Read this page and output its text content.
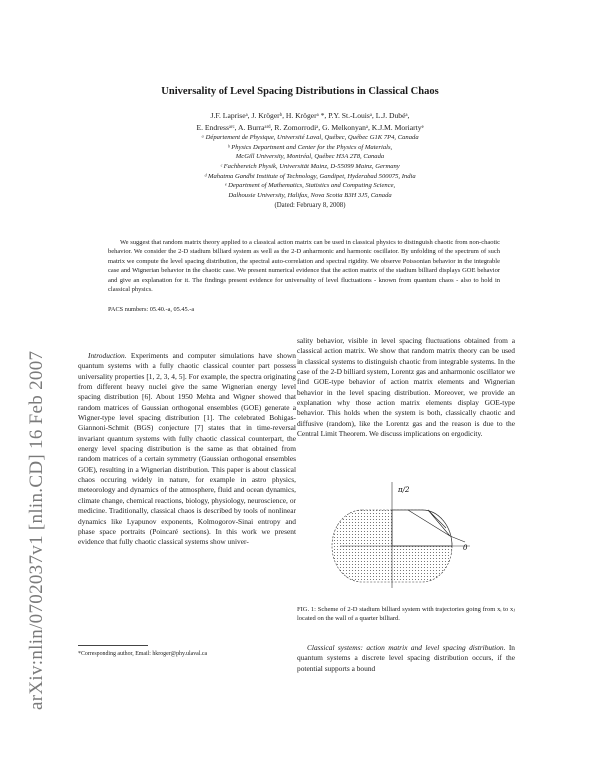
arXiv:nlin/0702037v1 [nlin.CD] 16 Feb 2007
Universality of Level Spacing Distributions in Classical Chaos
J.F. Lapriseᵃ, J. Krögerᵇ, H. Krögerᵃ *, P.Y. St.-Louisᵃ, L.J. Dubéᵃ,
E. Endressᵃʳᶜ, A. Burraᵃʳᵈ, R. Zomorrodiᵃ, G. Melkonyanᵃ, K.J.M. Moriartyᵉ
ᵃ Département de Physique, Université Laval, Québec, Québec G1K 7P4, Canada
ᵇ Physics Department and Center for the Physics of Materials,
McGill University, Montréal, Québec H3A 2T8, Canada
ᶜ Fachbereich Physik, Universität Mainz, D-55099 Mainz, Germany
ᵈ Mahatma Gandhi Institute of Technology, Gandipet, Hyderabad 500075, India
ᵉ Department of Mathematics, Statistics and Computing Science,
Dalhousie University, Halifax, Nova Scotia B3H 3J5, Canada
(Dated: February 8, 2008)
We suggest that random matrix theory applied to a classical action matrix can be used in classical physics to distinguish chaotic from non-chaotic behavior. We consider the 2-D stadium billiard system as well as the 2-D anharmonic and harmonic oscillator. By unfolding of the spectrum of such matrix we compute the level spacing distribution, the spectral auto-correlation and spectral rigidity. We observe Poissonian behavior in the integrable case and Wignerian behavior in the chaotic case. We present numerical evidence that the action matrix of the stadium billiard displays GOE behavior and give an explanation for it. The findings present evidence for universality of level fluctuations - known from quantum chaos - also to hold in classical physics.
PACS numbers: 05.40.-a, 05.45.-a

Introduction. Experiments and computer simulations have shown quantum systems with a fully chaotic classical counter part possess universality properties [1, 2, 3, 4, 5]. For example, the spectra originating from different heavy nuclei give the same Wignerian energy level spacing distribution [6]. About 1950 Mehta and Wigner showed that random matrices of Gaussian orthogonal ensembles (GOE) generate a Wigner-type level spacing distribution [1]. The celebrated Bohigas-Giannoni-Schmit (BGS) conjecture [7] states that in time-reversal invariant quantum systems with fully chaotic classical counterpart, the energy level spacing distribution is the same as that obtained from random matrices of a certain symmetry (Gaussian orthogonal ensembles GOE), resulting in a Wignerian distribution. This paper is about classical chaos occuring widely in nature, for example in astro physics, meteorology and dynamics of the atmosphere, fluid and ocean dynamics, climate change, chemical reactions, biology, physiology, neuroscience, or medicine. Traditionally, classical chaos is described by tools of nonlinear dynamics like Lyapunov exponents, Kolmogorov-Sinai entropy and phase space portraits (Poincaré sections). In this work we present evidence that fully chaotic classical systems show univer-

*Corresponding author, Email: hkroger@phy.ulaval.ca

sality behavior, visible in level spacing fluctuations obtained from a classical action matrix. We show that random matrix theory can be used in classical systems to distinguish chaotic from integrable systems. In the case of the 2-D billiard system, Lorentz gas and anharmonic oscillator we find GOE-type behavior of action matrix elements and Wignerian behavior in the level spacing distribution. Moreover, we provide an explanation why those action matrix elements display GOE-type behavior. This holds when the system is both, classically chaotic and diffusive (random), like the Lorentz gas and the reason is due to the Central Limit Theorem. We discuss implications on ergodicity.

π/2
0
FIG. 1: Scheme of 2-D stadium billiard system with trajectories going from xᵢ to xⱼ located on the wall of a quarter billiard.

Classical systems: action matrix and level spacing distribution. In quantum systems a discrete level spacing distribution occurs, if the potential supports a bound
